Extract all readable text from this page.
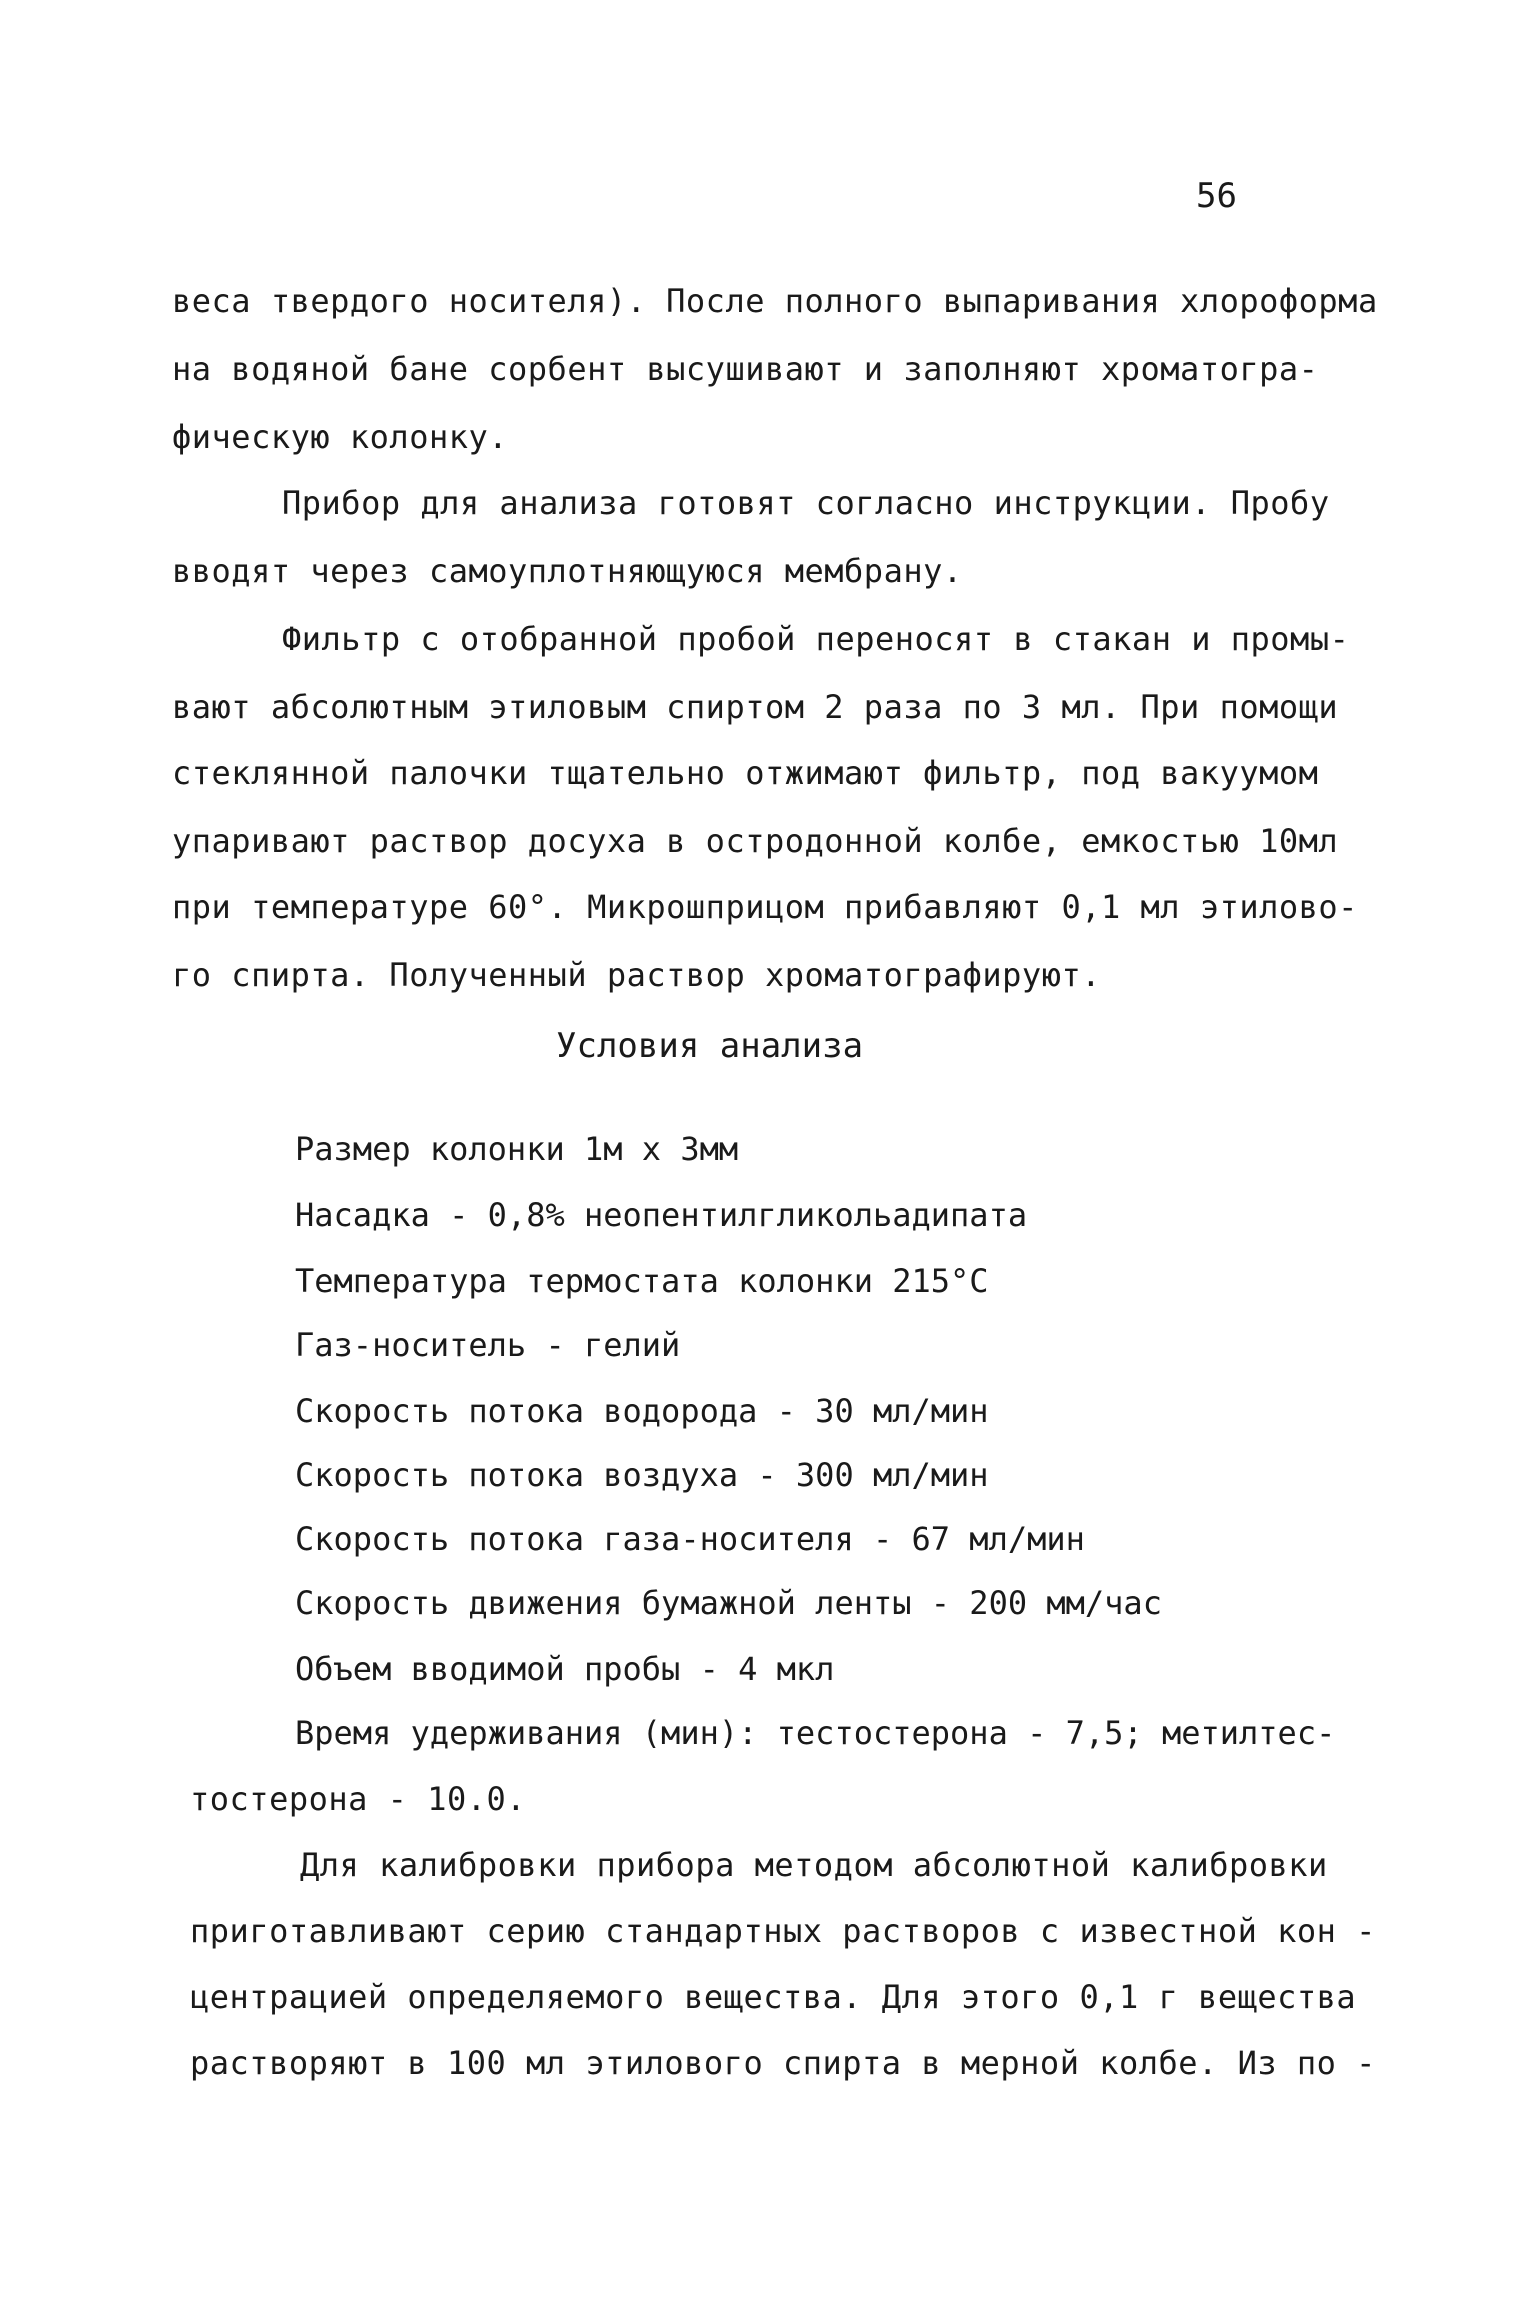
56
веса твердого носителя). После полного выпаривания хлороформа
на водяной бане сорбент высушивают и заполняют хроматогра-
фическую колонку.
Прибор для анализа готовят согласно инструкции. Пробу
вводят через самоуплотняющуюся мембрану.
Фильтр с отобранной пробой переносят в стакан и промы-
вают абсолютным этиловым спиртом 2 раза по 3 мл. При помощи
стеклянной палочки тщательно отжимают фильтр, под вакуумом
упаривают раствор досуха в остродонной колбе, емкостью 10мл
при температуре 60°. Микрошприцом прибавляют 0,1 мл этилово-
го спирта. Полученный раствор хроматографируют.
Условия анализа
Размер колонки 1м х 3мм
Насадка - 0,8% неопентилгликольадипата
Температура термостата колонки 215°С
Газ-носитель - гелий
Скорость потока водорода - 30 мл/мин
Скорость потока воздуха - 300 мл/мин
Скорость потока газа-носителя - 67 мл/мин
Скорость движения бумажной ленты - 200 мм/час
Объем вводимой пробы - 4 мкл
Время удерживания (мин): тестостерона - 7,5; метилтес-
тостерона - 10.0.
Для калибровки прибора методом абсолютной калибровки
приготавливают серию стандартных растворов с известной кон -
центрацией определяемого вещества. Для этого 0,1 г вещества
растворяют в 100 мл этилового спирта в мерной колбе. Из по -
